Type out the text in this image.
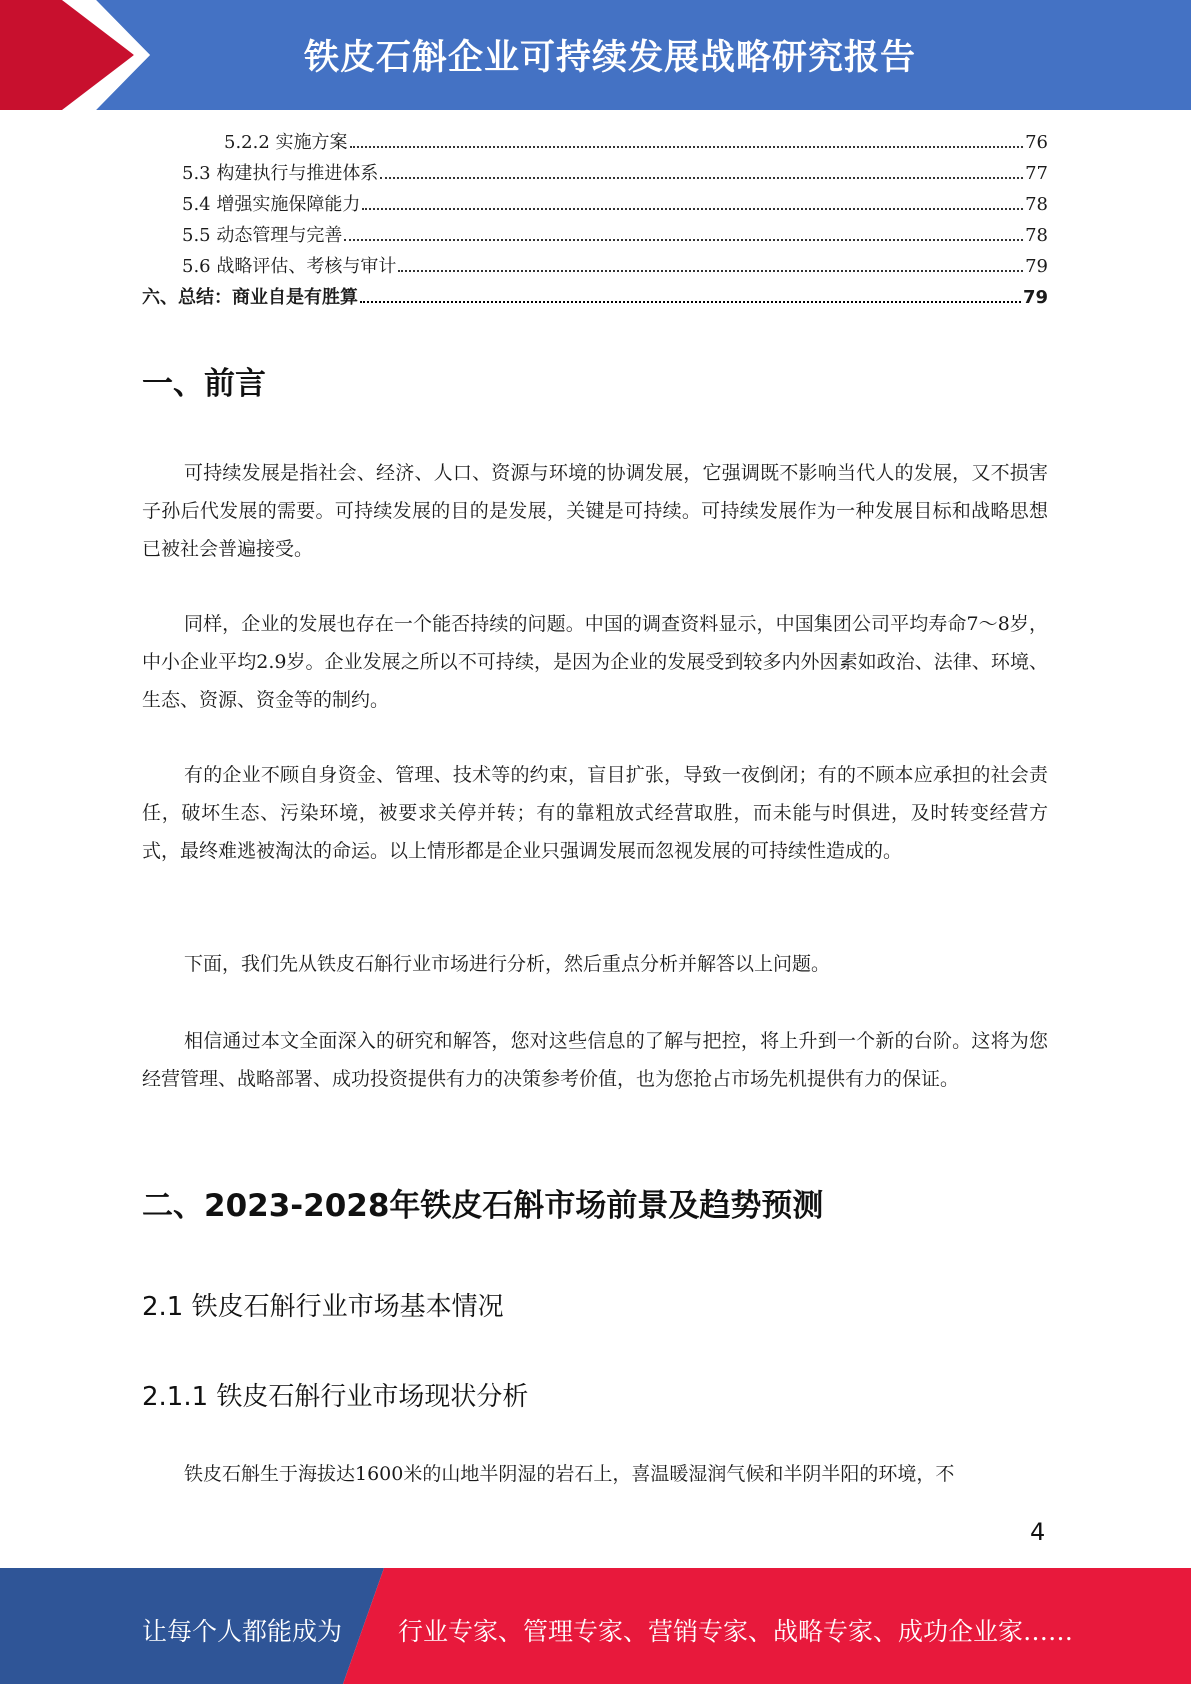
铁皮石斛企业可持续发展战略研究报告
5.2.2 实施方案	76
5.3 构建执行与推进体系	77
5.4 增强实施保障能力	78
5.5 动态管理与完善	78
5.6 战略评估、考核与审计	79
六、总结：商业自是有胜算	79
一、前言
可持续发展是指社会、经济、人口、资源与环境的协调发展，它强调既不影响当代人的发展，又不损害子孙后代发展的需要。可持续发展的目的是发展，关键是可持续。可持续发展作为一种发展目标和战略思想已被社会普遍接受。
同样，企业的发展也存在一个能否持续的问题。中国的调查资料显示，中国集团公司平均寿命7～8岁，中小企业平均2.9岁。企业发展之所以不可持续，是因为企业的发展受到较多内外因素如政治、法律、环境、生态、资源、资金等的制约。
有的企业不顾自身资金、管理、技术等的约束，盲目扩张，导致一夜倒闭；有的不顾本应承担的社会责任，破坏生态、污染环境，被要求关停并转；有的靠粗放式经营取胜，而未能与时俱进，及时转变经营方式，最终难逃被淘汰的命运。以上情形都是企业只强调发展而忽视发展的可持续性造成的。
下面，我们先从铁皮石斛行业市场进行分析，然后重点分析并解答以上问题。
相信通过本文全面深入的研究和解答，您对这些信息的了解与把控，将上升到一个新的台阶。这将为您经营管理、战略部署、成功投资提供有力的决策参考价值，也为您抢占市场先机提供有力的保证。
二、2023-2028年铁皮石斛市场前景及趋势预测
2.1 铁皮石斛行业市场基本情况
2.1.1 铁皮石斛行业市场现状分析
铁皮石斛生于海拔达1600米的山地半阴湿的岩石上，喜温暖湿润气候和半阴半阳的环境，不
4
让每个人都能成为 行业专家、管理专家、营销专家、战略专家、成功企业家……
